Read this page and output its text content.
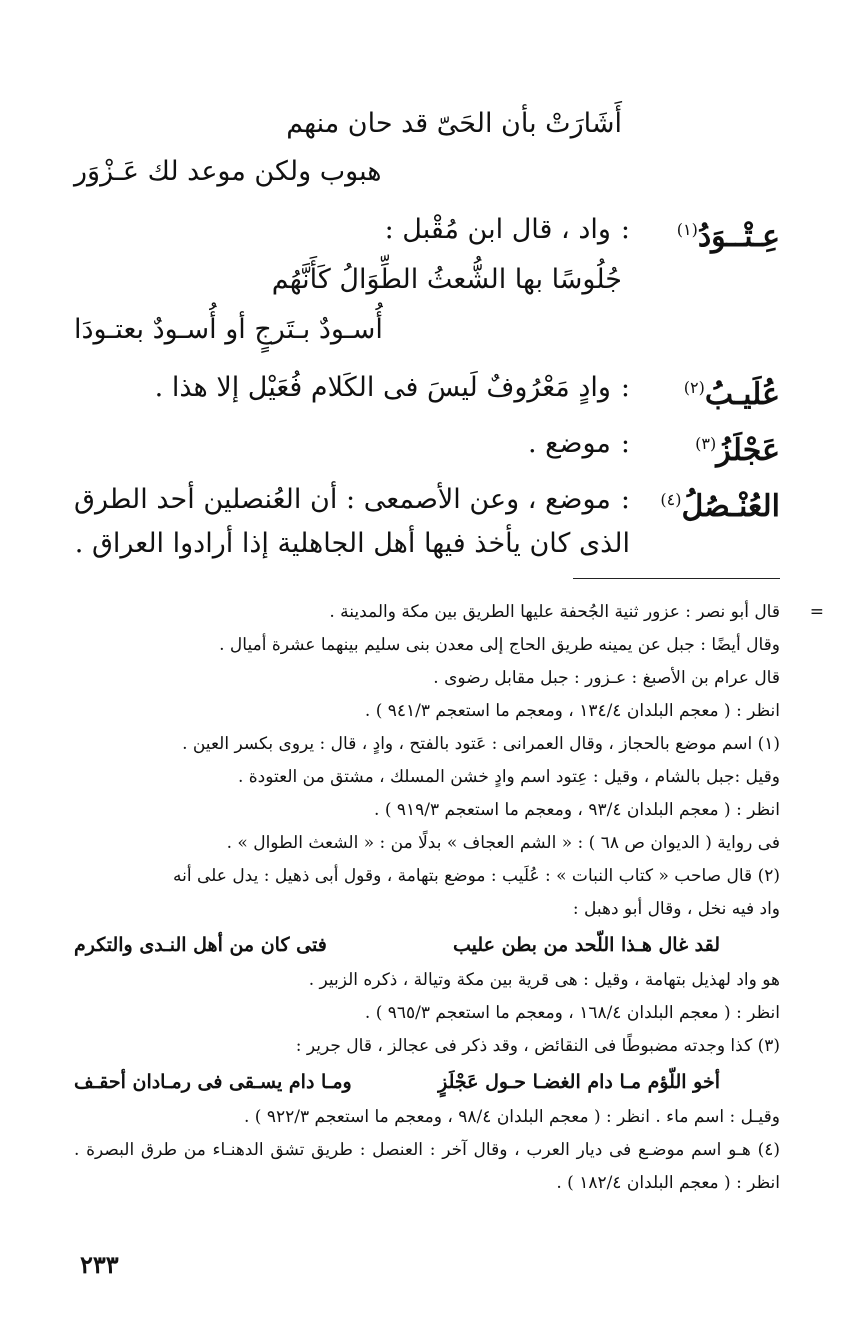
أَشَارَتْ بأن الحَىّ قد حان منهم
هبوب ولكن موعد لك عَـزْوَر
عِـتْــوَدُ$^{(١)}$
:واد ، قال ابن مُقْبل :
جُلُوسًا بها الشُّعثُ الطِّوَالُ كَأَنَّهُم
أُسـودٌ بـتَرجٍ أو أُسـودٌ بعتـودَا
عُلَيـبُ$^{(٢)}$
:وادٍ مَعْرُوفٌ لَيسَ فى الكَلام فُعَيْل إلا هذا .
عَجْلَزُ$^{(٣)}$
:موضع .
العُنْـصُلُ$^{(٤)}$
:موضع ، وعن الأصمعى : أن العُنصلين أحد الطرق الذى كان يأخذ فيها أهل الجاهلية إذا أرادوا العراق .
=

قال أبو نصر : عزور ثنية الجُحفة عليها الطريق بين مكة والمدينة .

وقال أيضًا : جبل عن يمينه طريق الحاج إلى معدن بنى سليم بينهما عشرة أميال .

قال عرام بن الأصبغ : عـزور : جبل مقابل رضوى .

انظر : ( معجم البلدان ١٣٤/٤ ، ومعجم ما استعجم ٩٤١/٣ ) .

(١) اسم موضع بالحجاز ، وقال العمرانى : عَتود بالفتح ، وادٍ ، قال : يروى بكسر العين .

وقيل :جبل بالشام ، وقيل : عِتود اسم وادٍ خشن المسلك ، مشتق من العتودة .

انظر : ( معجم البلدان ٩٣/٤ ، ومعجم ما استعجم ٩١٩/٣ ) .

فى رواية ( الديوان ص ٦٨ ) : « الشم العجاف » بدلًا من : « الشعث الطوال » .

(٢) قال صاحب « كتاب النبات » : عُلَيب : موضع بتهامة ، وقول أبى ذهيل : يدل على أنه

واد فيه نخل ، وقال أبو دهبل :

لقد غال هـذا اللّحد من بطن عليب
فتى كان من أهل النـدى والتكرم

هو واد لهذيل بتهامة ، وقيل : هى قرية بين مكة وتيالة ، ذكره الزبير .

انظر : ( معجم البلدان ١٦٨/٤ ، ومعجم ما استعجم ٩٦٥/٣ ) .

(٣) كذا وجدته مضبوطًا فى النقائض ، وقد ذكر فى عجالز ، قال جرير :

أخو اللّؤم مـا دام الغضـا حـول عَجْلَزٍ
ومـا دام يسـقى فى رمـادان أحقـف

وقيـل : اسم ماء . انظر : ( معجم البلدان ٩٨/٤ ، ومعجم ما استعجم ٩٢٢/٣ ) .

(٤) هـو اسم موضـع فى ديار العرب ، وقال آخر : العنصل : طريق تشق الدهنـاء من طرق البصرة . انظر : ( معجم البلدان ١٨٢/٤ ) .

٢٣٣
